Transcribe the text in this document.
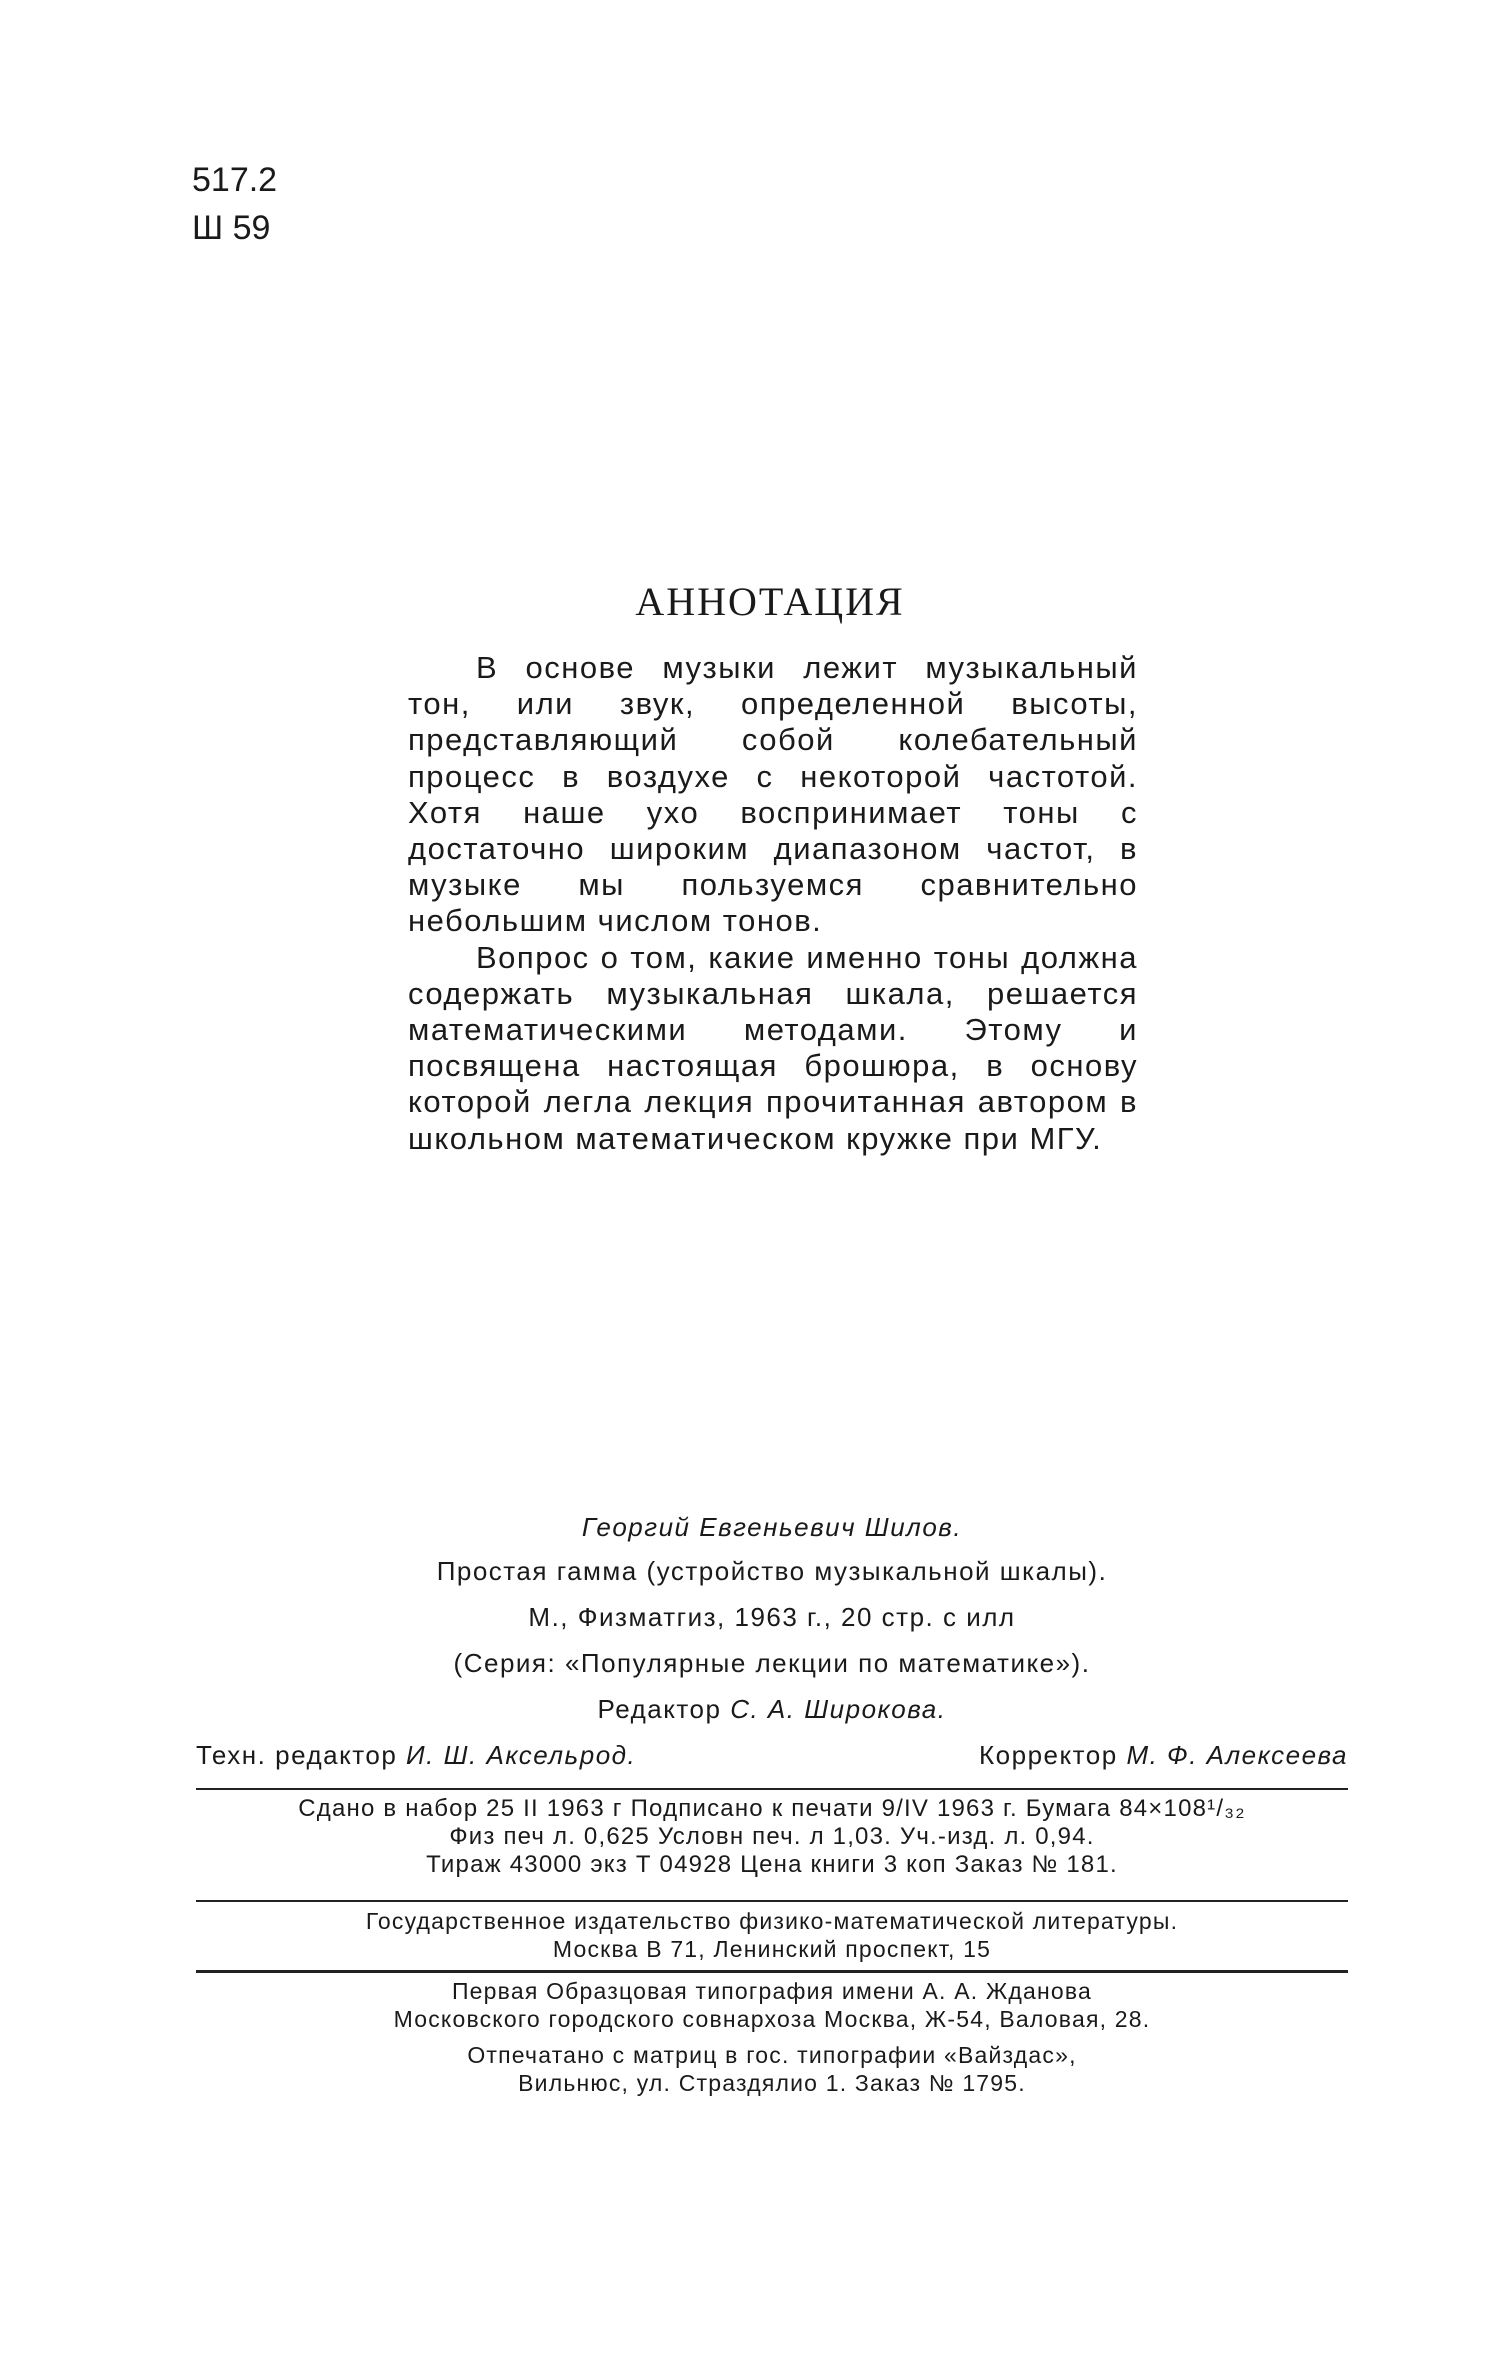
517.2
Ш 59
АННОТАЦИЯ

В основе музыки лежит музыкальный тон, или звук, определенной высоты, представляющий собой колебательный процесс в воздухе с некоторой частотой. Хотя наше ухо воспринимает тоны с достаточно широким диапазоном частот, в музыке мы пользуемся сравнительно небольшим числом тонов.

Вопрос о том, какие именно тоны должна содержать музыкальная шкала, решается математическими методами. Этому и посвящена настоящая брошюра, в основу которой легла лекция прочитанная автором в школьном математическом кружке при МГУ.

Георгий Евгеньевич Шилов.
Простая гамма (устройство музыкальной шкалы).
М., Физматгиз, 1963 г., 20 стр. с илл
(Серия: «Популярные лекции по математике»).
Редактор С. А. Широкова.
Техн. редактор И. Ш. Аксельрод.	Корректор М. Ф. Алексеева
Сдано в набор 25 II 1963 г Подписано к печати 9/IV 1963 г. Бумага 84×108¹/₃₂
Физ печ л. 0,625 Условн печ. л 1,03. Уч.-изд. л. 0,94.
Тираж 43000 экз Т 04928 Цена книги 3 коп Заказ № 181.
Государственное издательство физико-математической литературы.
Москва В 71, Ленинский проспект, 15
Первая Образцовая типография имени А. А. Жданова
Московского городского совнархоза Москва, Ж-54, Валовая, 28.
Отпечатано с матриц в гос. типографии «Вайздас»,
Вильнюс, ул. Страздялио 1. Заказ № 1795.
